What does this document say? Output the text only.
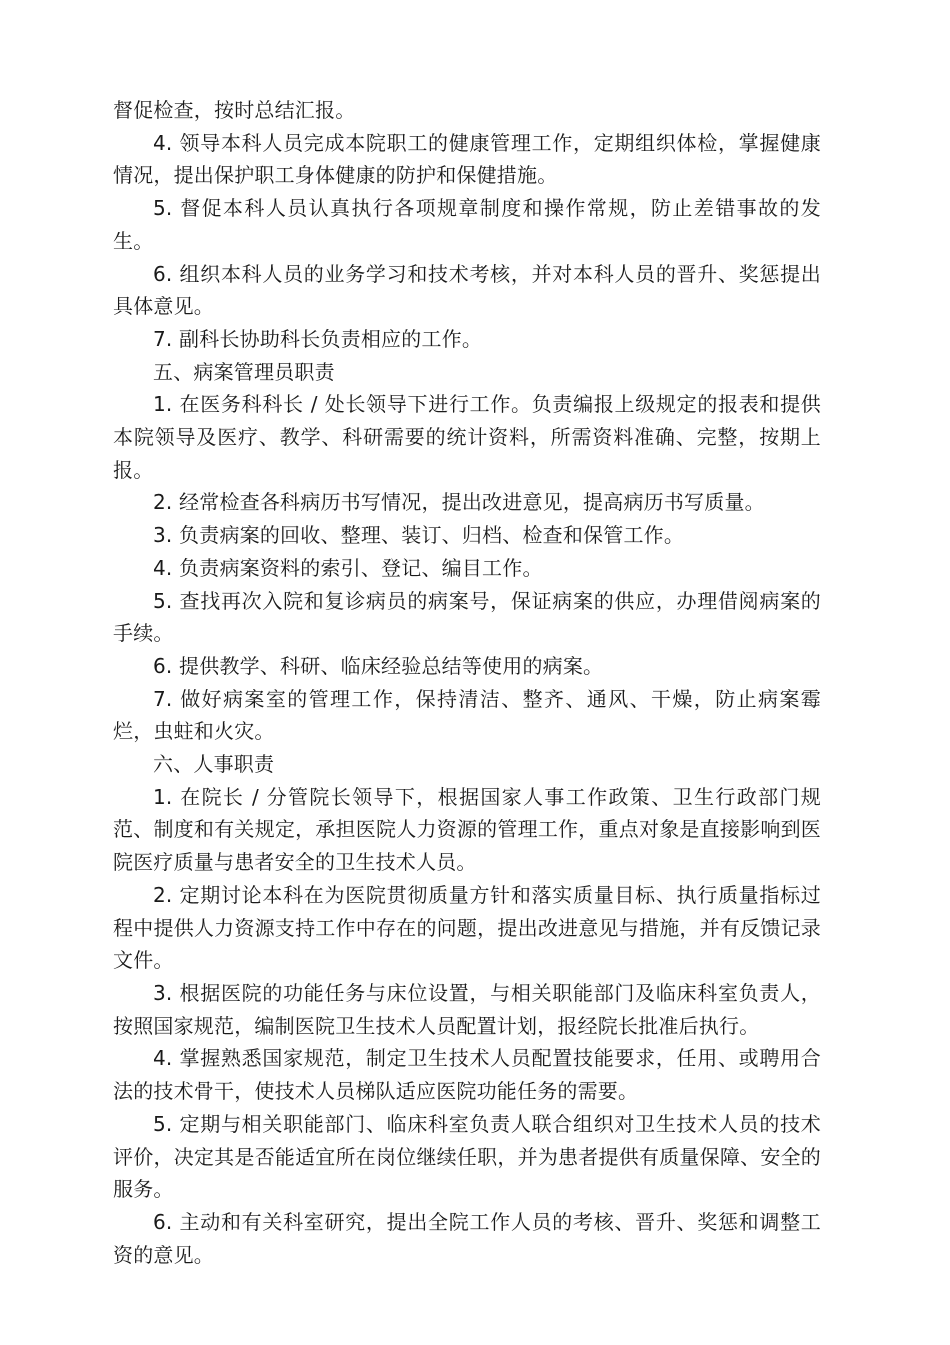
督促检查，按时总结汇报。

4. 领导本科人员完成本院职工的健康管理工作，定期组织体检，掌握健康情况，提出保护职工身体健康的防护和保健措施。

5. 督促本科人员认真执行各项规章制度和操作常规，防止差错事故的发生。

6. 组织本科人员的业务学习和技术考核，并对本科人员的晋升、奖惩提出具体意见。

7. 副科长协助科长负责相应的工作。

五、病案管理员职责

1. 在医务科科长 / 处长领导下进行工作。负责编报上级规定的报表和提供本院领导及医疗、教学、科研需要的统计资料，所需资料准确、完整，按期上报。

2. 经常检查各科病历书写情况，提出改进意见，提高病历书写质量。

3. 负责病案的回收、整理、装订、归档、检查和保管工作。

4. 负责病案资料的索引、登记、编目工作。

5. 查找再次入院和复诊病员的病案号，保证病案的供应，办理借阅病案的手续。

6. 提供教学、科研、临床经验总结等使用的病案。

7. 做好病案室的管理工作，保持清洁、整齐、通风、干燥，防止病案霉烂，虫蛀和火灾。

六、人事职责

1. 在院长 / 分管院长领导下，根据国家人事工作政策、卫生行政部门规范、制度和有关规定，承担医院人力资源的管理工作，重点对象是直接影响到医院医疗质量与患者安全的卫生技术人员。

2. 定期讨论本科在为医院贯彻质量方针和落实质量目标、执行质量指标过程中提供人力资源支持工作中存在的问题，提出改进意见与措施，并有反馈记录文件。

3. 根据医院的功能任务与床位设置，与相关职能部门及临床科室负责人，按照国家规范，编制医院卫生技术人员配置计划，报经院长批准后执行。

4. 掌握熟悉国家规范，制定卫生技术人员配置技能要求，任用、或聘用合法的技术骨干，使技术人员梯队适应医院功能任务的需要。

5. 定期与相关职能部门、临床科室负责人联合组织对卫生技术人员的技术评价，决定其是否能适宜所在岗位继续任职，并为患者提供有质量保障、安全的服务。

6. 主动和有关科室研究，提出全院工作人员的考核、晋升、奖惩和调整工资的意见。
